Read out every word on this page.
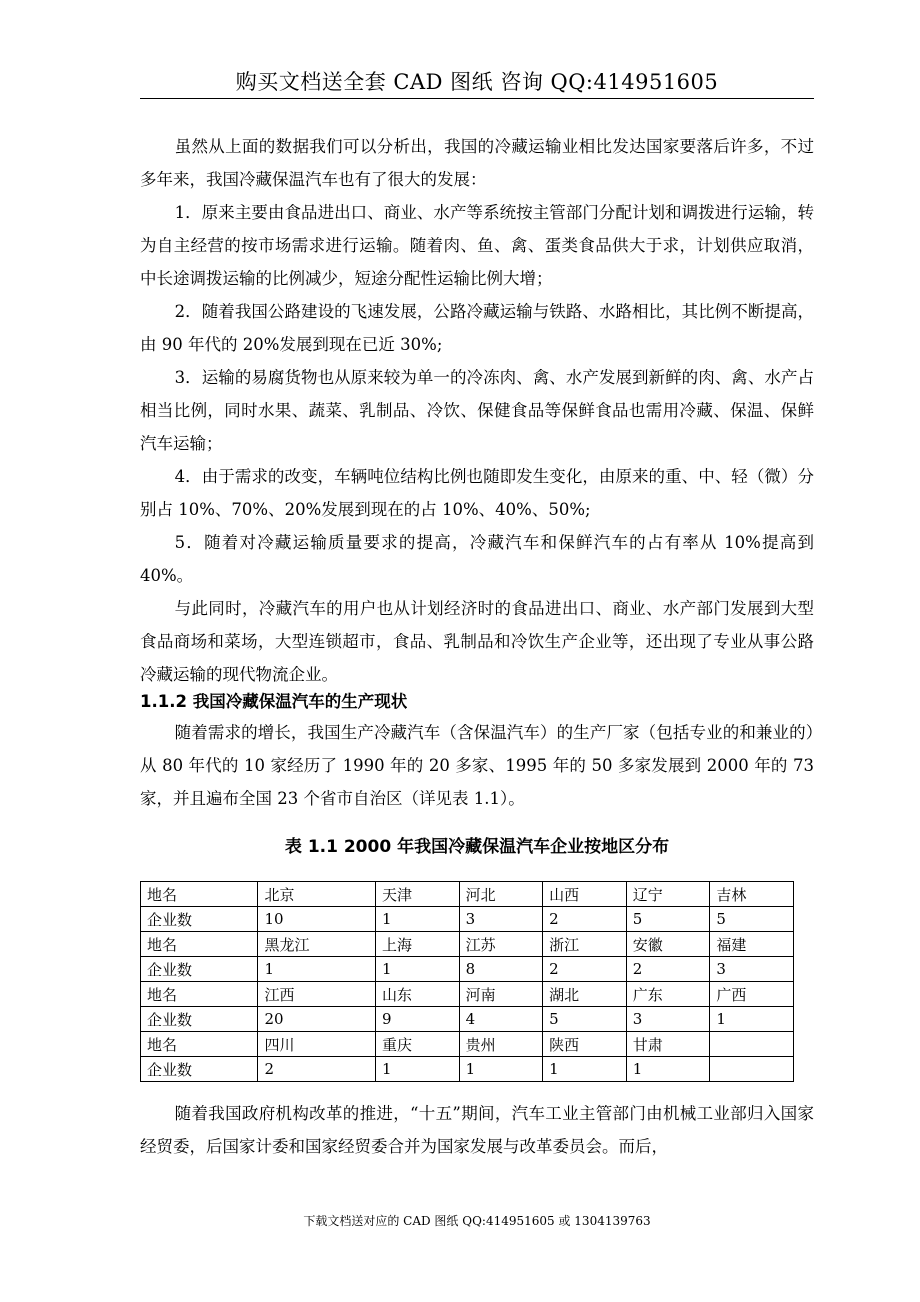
购买文档送全套 CAD 图纸 咨询 QQ:414951605

虽然从上面的数据我们可以分析出，我国的冷藏运输业相比发达国家要落后许多，不过多年来，我国冷藏保温汽车也有了很大的发展：

1．原来主要由食品进出口、商业、水产等系统按主管部门分配计划和调拨进行运输，转为自主经营的按市场需求进行运输。随着肉、鱼、禽、蛋类食品供大于求，计划供应取消，中长途调拨运输的比例减少，短途分配性运输比例大增；

2．随着我国公路建设的飞速发展，公路冷藏运输与铁路、水路相比，其比例不断提高，由 90 年代的 20%发展到现在已近 30%;

3．运输的易腐货物也从原来较为单一的冷冻肉、禽、水产发展到新鲜的肉、禽、水产占相当比例，同时水果、蔬菜、乳制品、冷饮、保健食品等保鲜食品也需用冷藏、保温、保鲜汽车运输；

4．由于需求的改变，车辆吨位结构比例也随即发生变化，由原来的重、中、轻（微）分别占 10%、70%、20%发展到现在的占 10%、40%、50%;

5．随着对冷藏运输质量要求的提高，冷藏汽车和保鲜汽车的占有率从 10%提高到 40%。

与此同时，冷藏汽车的用户也从计划经济时的食品进出口、商业、水产部门发展到大型食品商场和菜场，大型连锁超市，食品、乳制品和冷饮生产企业等，还出现了专业从事公路冷藏运输的现代物流企业。

1.1.2 我国冷藏保温汽车的生产现状

随着需求的增长，我国生产冷藏汽车（含保温汽车）的生产厂家（包括专业的和兼业的）从 80 年代的 10 家经历了 1990 年的 20 多家、1995 年的 50 多家发展到 2000 年的 73 家，并且遍布全国 23 个省市自治区（详见表 1.1）。

表 1.1 2000 年我国冷藏保温汽车企业按地区分布
地名	北京	天津	河北	山西	辽宁	吉林
企业数	10	1	3	2	5	5
地名	黑龙江	上海	江苏	浙江	安徽	福建
企业数	1	1	8	2	2	3
地名	江西	山东	河南	湖北	广东	广西
企业数	20	9	4	5	3	1
地名	四川	重庆	贵州	陕西	甘肃	
企业数	2	1	1	1	1	

随着我国政府机构改革的推进，“十五”期间，汽车工业主管部门由机械工业部归入国家经贸委，后国家计委和国家经贸委合并为国家发展与改革委员会。而后，

下载文档送对应的 CAD 图纸 QQ:414951605 或 1304139763
